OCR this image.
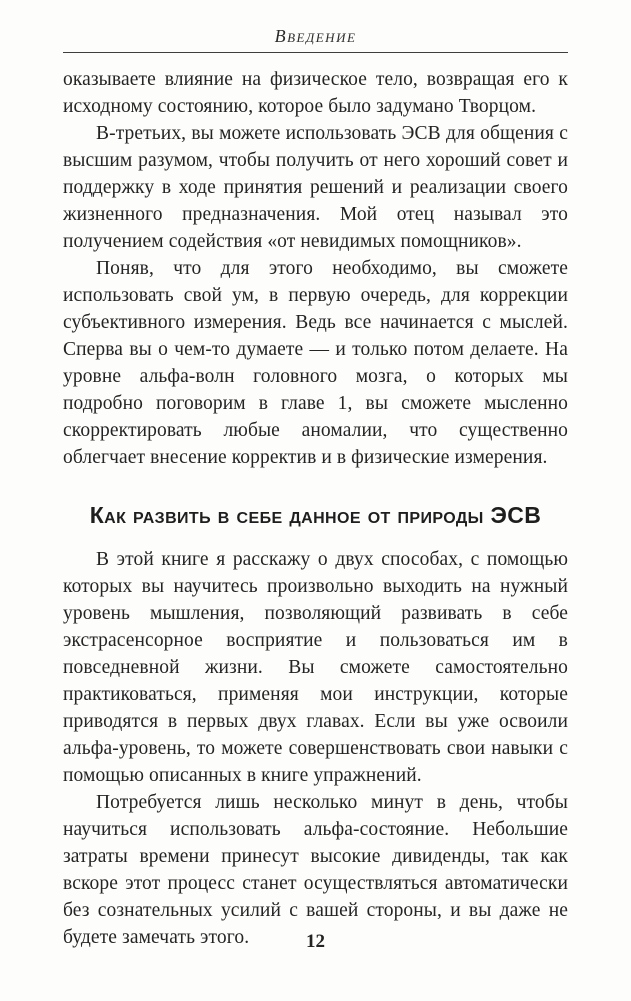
Введение

оказываете влияние на физическое тело, возвращая его к исходному состоянию, которое было задумано Творцом.

В-третьих, вы можете использовать ЭСВ для общения с высшим разумом, чтобы получить от него хороший совет и поддержку в ходе принятия решений и реализации своего жизненного предназначения. Мой отец называл это получением содействия «от невидимых помощников».

Поняв, что для этого необходимо, вы сможете использовать свой ум, в первую очередь, для коррекции субъективного измерения. Ведь все начинается с мыслей. Сперва вы о чем-то думаете — и только потом делаете. На уровне альфа-волн головного мозга, о которых мы подробно поговорим в главе 1, вы сможете мысленно скорректировать любые аномалии, что существенно облегчает внесение корректив и в физические измерения.

Как развить в себе данное от природы ЭСВ

В этой книге я расскажу о двух способах, с помощью которых вы научитесь произвольно выходить на нужный уровень мышления, позволяющий развивать в себе экстрасенсорное восприятие и пользоваться им в повседневной жизни. Вы сможете самостоятельно практиковаться, применяя мои инструкции, которые приводятся в первых двух главах. Если вы уже освоили альфа-уровень, то можете совершенствовать свои навыки с помощью описанных в книге упражнений.

Потребуется лишь несколько минут в день, чтобы научиться использовать альфа-состояние. Небольшие затраты времени принесут высокие дивиденды, так как вскоре этот процесс станет осуществляться автоматически без сознательных усилий с вашей стороны, и вы даже не будете замечать этого.	12
